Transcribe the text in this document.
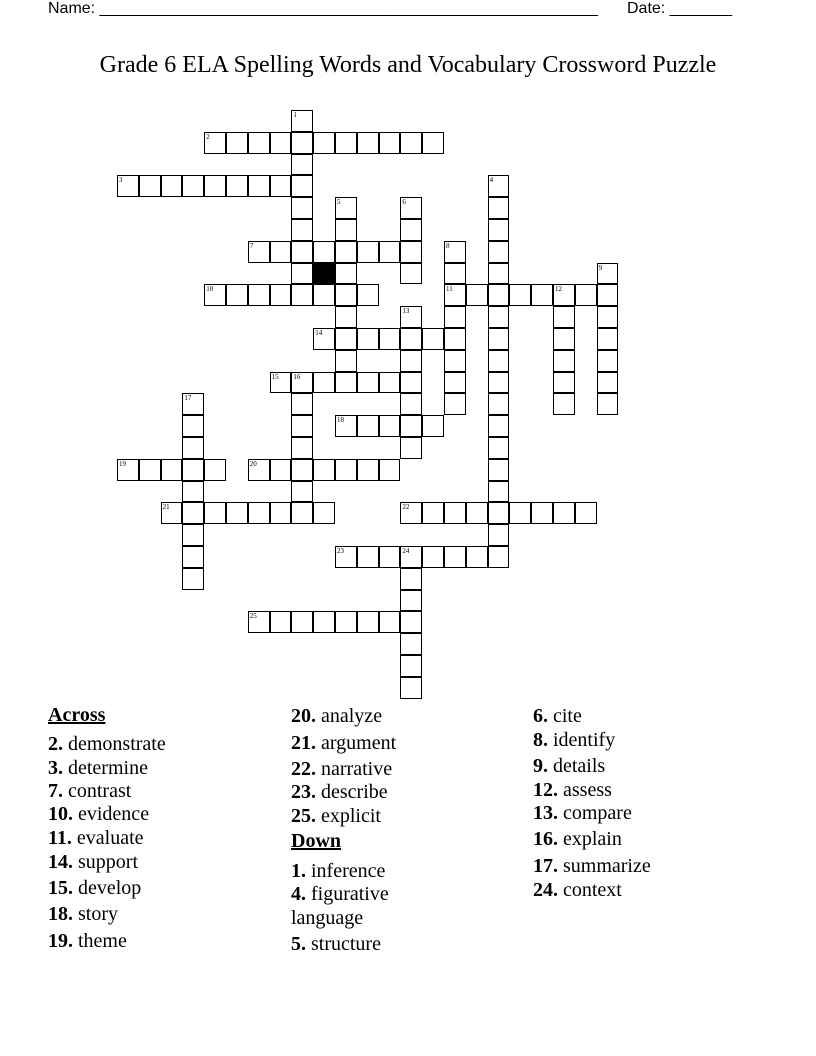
Name: ________________________________________________________ Date: _______
Grade 6 ELA Spelling Words and Vocabulary Crossword Puzzle
1
2
3	4
5	6
7	8
11
9
10	12
13
14
15 16
17
18
19	20
21	22
23	24
25
Across
Down
2. demonstrate
3. determine
7. contrast
10. evidence
11. evaluate
14. support
15. develop
18. story
19. theme
20. analyze
21. argument
22. narrative
23. describe
25. explicit
1. inference
4. figurative
language
5. structure
6. cite
8. identify
9. details
12. assess
13. compare
16. explain
17. summarize
24. context
